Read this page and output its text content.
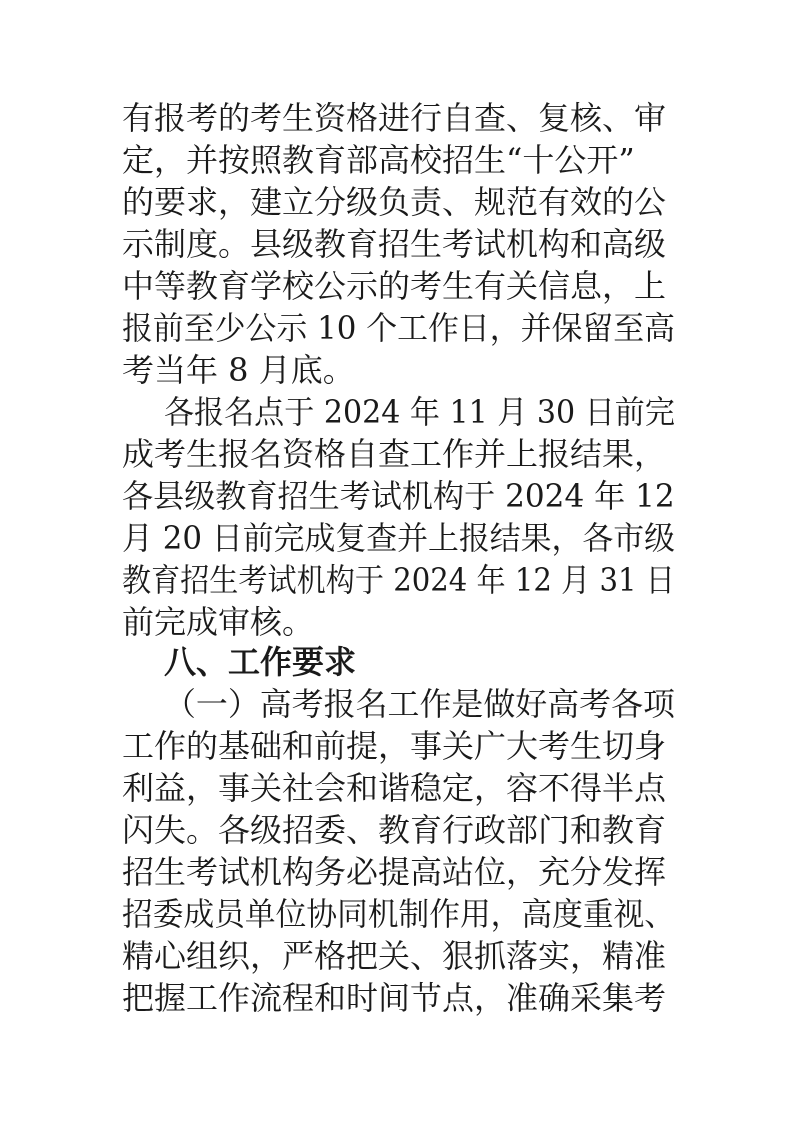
有报考的考生资格进行自查、复核、审
定，并按照教育部高校招生“十公开”
的要求，建立分级负责、规范有效的公
示制度。县级教育招生考试机构和高级
中等教育学校公示的考生有关信息，上
报前至少公示 10 个工作日，并保留至高
考当年 8 月底。
各报名点于 2024 年 11 月 30 日前完
成考生报名资格自查工作并上报结果，
各县级教育招生考试机构于 2024 年 12
月 20 日前完成复查并上报结果，各市级
教育招生考试机构于 2024 年 12 月 31 日
前完成审核。
八、工作要求
（一）高考报名工作是做好高考各项
工作的基础和前提，事关广大考生切身
利益，事关社会和谐稳定，容不得半点
闪失。各级招委、教育行政部门和教育
招生考试机构务必提高站位，充分发挥
招委成员单位协同机制作用，高度重视、
精心组织，严格把关、狠抓落实，精准
把握工作流程和时间节点，准确采集考
